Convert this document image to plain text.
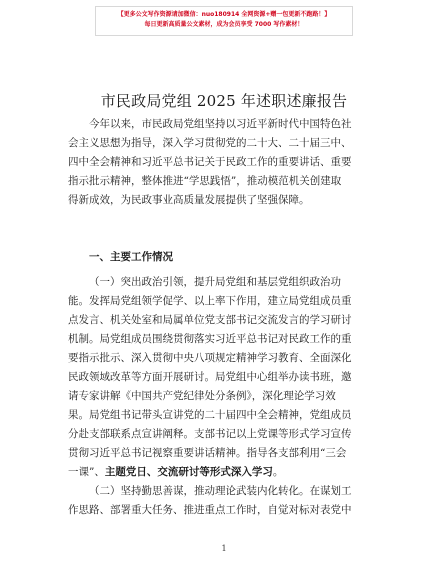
【更多公文写作资源请加微信：nuo180914 全网资源+赠一包更新不跑路！】
每日更新高质量公文素材，成为会员享受 7000 写作素材！
市民政局党组 2025 年述职述廉报告
今年以来，市民政局党组坚持以习近平新时代中国特色社
会主义思想为指导，深入学习贯彻党的二十大、二十届三中、
四中全会精神和习近平总书记关于民政工作的重要讲话、重要
指示批示精神，整体推进“学思践悟”，推动模范机关创建取
得新成效，为民政事业高质量发展提供了坚强保障。
一、主要工作情况
（一）突出政治引领，提升局党组和基层党组织政治功
能。发挥局党组领学促学、以上率下作用，建立局党组成员重
点发言、机关处室和局属单位党支部书记交流发言的学习研讨
机制。局党组成员围绕贯彻落实习近平总书记对民政工作的重
要指示批示、深入贯彻中央八项规定精神学习教育、全面深化
民政领域改革等方面开展研讨。局党组中心组举办读书班，邀
请专家讲解《中国共产党纪律处分条例》，深化理论学习效
果。局党组书记带头宣讲党的二十届四中全会精神，党组成员
分赴支部联系点宣讲阐释。支部书记以上党课等形式学习宣传
贯彻习近平总书记视察重要讲话精神。指导各支部利用“三会
一课”、主题党日、交流研讨等形式深入学习。
（二）坚持勤思善谋，推动理论武装内化转化。在谋划工
作思路、部署重大任务、推进重点工作时，自觉对标对表党中
1
